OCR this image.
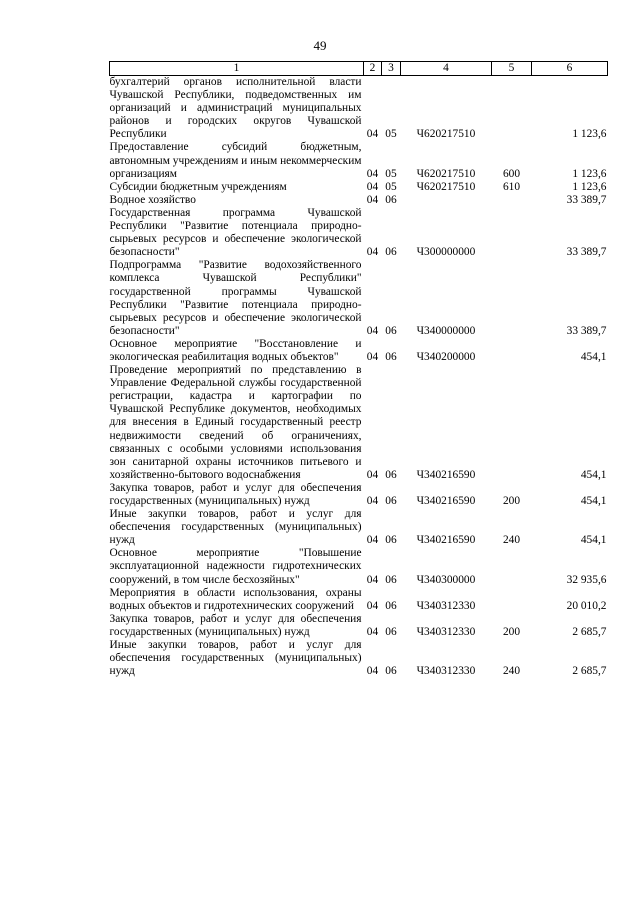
49
1	2	3	4	5	6
бухгалтерий органов исполнительной власти Чувашской Республики, подведомственных им организаций и администраций муниципальных районов и городских округов Чувашской Республики	04	05	Ч620217510		1 123,6
Предоставление субсидий бюджетным, автономным учреждениям и иным некоммерческим организациям	04	05	Ч620217510	600	1 123,6
Субсидии бюджетным учреждениям	04	05	Ч620217510	610	1 123,6
Водное хозяйство	04	06			33 389,7
Государственная программа Чувашской Республики "Развитие потенциала природно-сырьевых ресурсов и обеспечение экологической безопасности"	04	06	Ч300000000		33 389,7
Подпрограмма "Развитие водохозяйственного комплекса Чувашской Республики" государственной программы Чувашской Республики "Развитие потенциала природно-сырьевых ресурсов и обеспечение экологической безопасности"	04	06	Ч340000000		33 389,7
Основное мероприятие "Восстановление и экологическая реабилитация водных объектов"	04	06	Ч340200000		454,1
Проведение мероприятий по представлению в Управление Федеральной службы государственной регистрации, кадастра и картографии по Чувашской Республике документов, необходимых для внесения в Единый государственный реестр недвижимости сведений об ограничениях, связанных с особыми условиями использования зон санитарной охраны источников питьевого и хозяйственно-бытового водоснабжения	04	06	Ч340216590		454,1
Закупка товаров, работ и услуг для обеспечения государственных (муниципальных) нужд	04	06	Ч340216590	200	454,1
Иные закупки товаров, работ и услуг для обеспечения государственных (муниципальных) нужд	04	06	Ч340216590	240	454,1
Основное мероприятие "Повышение эксплуатационной надежности гидротехнических сооружений, в том числе бесхозяйных"	04	06	Ч340300000		32 935,6
Мероприятия в области использования, охраны водных объектов и гидротехнических сооружений	04	06	Ч340312330		20 010,2
Закупка товаров, работ и услуг для обеспечения государственных (муниципальных) нужд	04	06	Ч340312330	200	2 685,7
Иные закупки товаров, работ и услуг для обеспечения государственных (муниципальных) нужд	04	06	Ч340312330	240	2 685,7
